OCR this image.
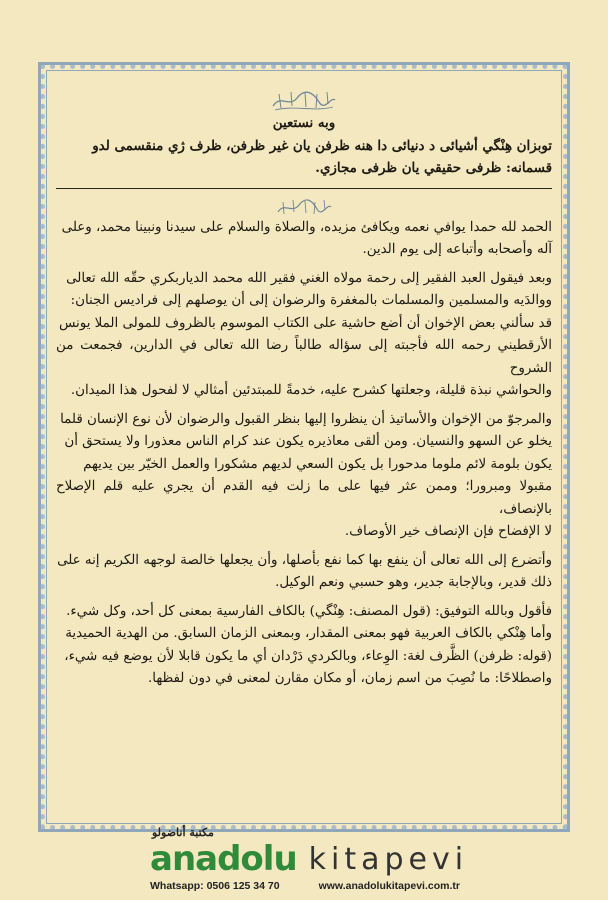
وبه نستعين

توبزان هِنْگي أشيائى د دنيائى دا هنه ظرفن يان غير ظرفن، ظرف ژي منقسمى لدو

قسمانه: ظرفى حقيقي يان ظرفى مجازي.

الحمد لله حمدا يوافي نعمه ويكافئ مزيده، والصلاة والسلام على سيدنا ونبينا محمد، وعلى

آله وأصحابه وأتباعه إلى يوم الدين.

وبعد فيقول العبد الفقير إلى رحمة مولاه الغني فقير الله محمد الدياربكري حقّه الله تعالى

ووالدَيه والمسلمين والمسلمات بالمغفرة والرضوان إلى أن يوصلهم إلى فراديس الجنان:

قد سألني بعض الإخوان أن أضع حاشية على الكتاب الموسوم بالظروف للمولى الملا يونس

الأرقطيني رحمه الله فأجبته إلى سؤاله طالباً رضا الله تعالى في الدارين، فجمعت من الشروح

والحواشي نبذة قليلة، وجعلتها كشرح عليه، خدمةً للمبتدئين أمثالي لا لفحول هذا الميدان.

والمرجوّ من الإخوان والأساتيذ أن ينظروا إليها بنظر القبول والرضوان لأن نوع الإنسان قلما

يخلو عن السهو والنسيان. ومن ألقى معاذيره يكون عند كرام الناس معذورا ولا يستحق أن

يكون بلومة لائم ملوما مدحورا بل يكون السعي لديهم مشكورا والعمل الخيّر بين يديهم

مقبولا ومبرورا؛ وممن عثر فيها على ما زلت فيه القدم أن يجري عليه قلم الإصلاح بالإنصاف،

لا الإفضاح فإن الإنصاف خير الأوصاف.

وأتضرع إلى الله تعالى أن ينفع بها كما نفع بأصلها، وأن يجعلها خالصة لوجهه الكريم إنه على

ذلك قدير، وبالإجابة جدير، وهو حسبي ونعم الوكيل.

فأقول وبالله التوفيق: (قول المصنف: هِنْگي) بالكاف الفارسية بمعنى كل أحد، وكل شيء.

وأما هِنْكي بالكاف العربية فهو بمعنى المقدار، وبمعنى الزمان السابق. من الهدية الحميدية

(قوله: ظرفن) الظَّرف لغة: الوِعاء، وبالكردي دَرْدان أي ما يكون قابلا لأن يوضع فيه شيء،

واصطلاحًا: ما نُصِبَ من اسم زمان، أو مكان مقارن لمعنى في دون لفظها.

مكتبة أناضولو
anadolu kitapevi
Whatsapp: 0506 125 34 70	www.anadolukitapevi.com.tr
